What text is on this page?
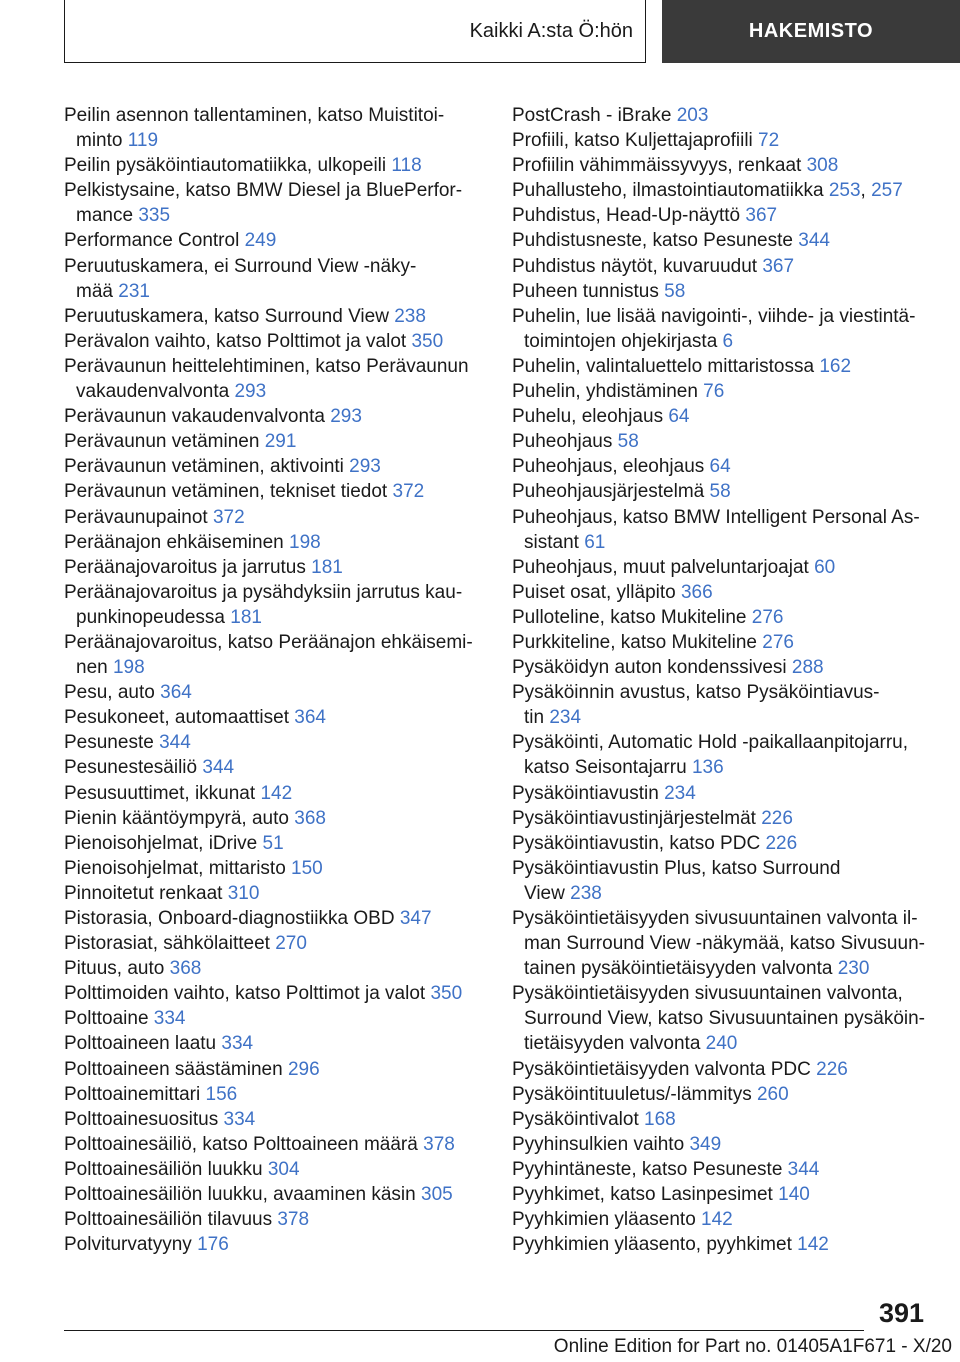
Kaikki A:sta Ö:hön	HAKEMISTO
Peilin asennon tallentaminen, katso Muistitoi-
minto 119
Peilin pysäköintiautomatiikka, ulkopeili 118
Pelkistysaine, katso BMW Diesel ja BluePerfor-
mance 335
Performance Control 249
Peruutuskamera, ei Surround View -näky-
mää 231
Peruutuskamera, katso Surround View 238
Perävalon vaihto, katso Polttimot ja valot 350
Perävaunun heittelehtiminen, katso Perävaunun
vakaudenvalvonta 293
Perävaunun vakaudenvalvonta 293
Perävaunun vetäminen 291
Perävaunun vetäminen, aktivointi 293
Perävaunun vetäminen, tekniset tiedot 372
Perävaunupainot 372
Peräänajon ehkäiseminen 198
Peräänajovaroitus ja jarrutus 181
Peräänajovaroitus ja pysähdyksiin jarrutus kau-
punkinopeudessa 181
Peräänajovaroitus, katso Peräänajon ehkäisemi-
nen 198
Pesu, auto 364
Pesukoneet, automaattiset 364
Pesuneste 344
Pesunestesäiliö 344
Pesusuuttimet, ikkunat 142
Pienin kääntöympyrä, auto 368
Pienoisohjelmat, iDrive 51
Pienoisohjelmat, mittaristo 150
Pinnoitetut renkaat 310
Pistorasia, Onboard-diagnostiikka OBD 347
Pistorasiat, sähkölaitteet 270
Pituus, auto 368
Polttimoiden vaihto, katso Polttimot ja valot 350
Polttoaine 334
Polttoaineen laatu 334
Polttoaineen säästäminen 296
Polttoainemittari 156
Polttoainesuositus 334
Polttoainesäiliö, katso Polttoaineen määrä 378
Polttoainesäiliön luukku 304
Polttoainesäiliön luukku, avaaminen käsin 305
Polttoainesäiliön tilavuus 378
Polviturvatyyny 176
PostCrash - iBrake 203
Profiili, katso Kuljettajaprofiili 72
Profiilin vähimmäissyvyys, renkaat 308
Puhallusteho, ilmastointiautomatiikka 253, 257
Puhdistus, Head-Up-näyttö 367
Puhdistusneste, katso Pesuneste 344
Puhdistus näytöt, kuvaruudut 367
Puheen tunnistus 58
Puhelin, lue lisää navigointi-, viihde- ja viestintä-
toimintojen ohjekirjasta 6
Puhelin, valintaluettelo mittaristossa 162
Puhelin, yhdistäminen 76
Puhelu, eleohjaus 64
Puheohjaus 58
Puheohjaus, eleohjaus 64
Puheohjausjärjestelmä 58
Puheohjaus, katso BMW Intelligent Personal As-
sistant 61
Puheohjaus, muut palveluntarjoajat 60
Puiset osat, ylläpito 366
Pulloteline, katso Mukiteline 276
Purkkiteline, katso Mukiteline 276
Pysäköidyn auton kondenssivesi 288
Pysäköinnin avustus, katso Pysäköintiavus-
tin 234
Pysäköinti, Automatic Hold -paikallaanpitojarru,
katso Seisontajarru 136
Pysäköintiavustin 234
Pysäköintiavustinjärjestelmät 226
Pysäköintiavustin, katso PDC 226
Pysäköintiavustin Plus, katso Surround
View 238
Pysäköintietäisyyden sivusuuntainen valvonta il-
man Surround View -näkymää, katso Sivusuun-
tainen pysäköintietäisyyden valvonta 230
Pysäköintietäisyyden sivusuuntainen valvonta,
Surround View, katso Sivusuuntainen pysäköin-
tietäisyyden valvonta 240
Pysäköintietäisyyden valvonta PDC 226
Pysäköintituuletus/-lämmitys 260
Pysäköintivalot 168
Pyyhinsulkien vaihto 349
Pyyhintäneste, katso Pesuneste 344
Pyyhkimet, katso Lasinpesimet 140
Pyyhkimien yläasento 142
Pyyhkimien yläasento, pyyhkimet 142
391
Online Edition for Part no. 01405A1F671 - X/20
